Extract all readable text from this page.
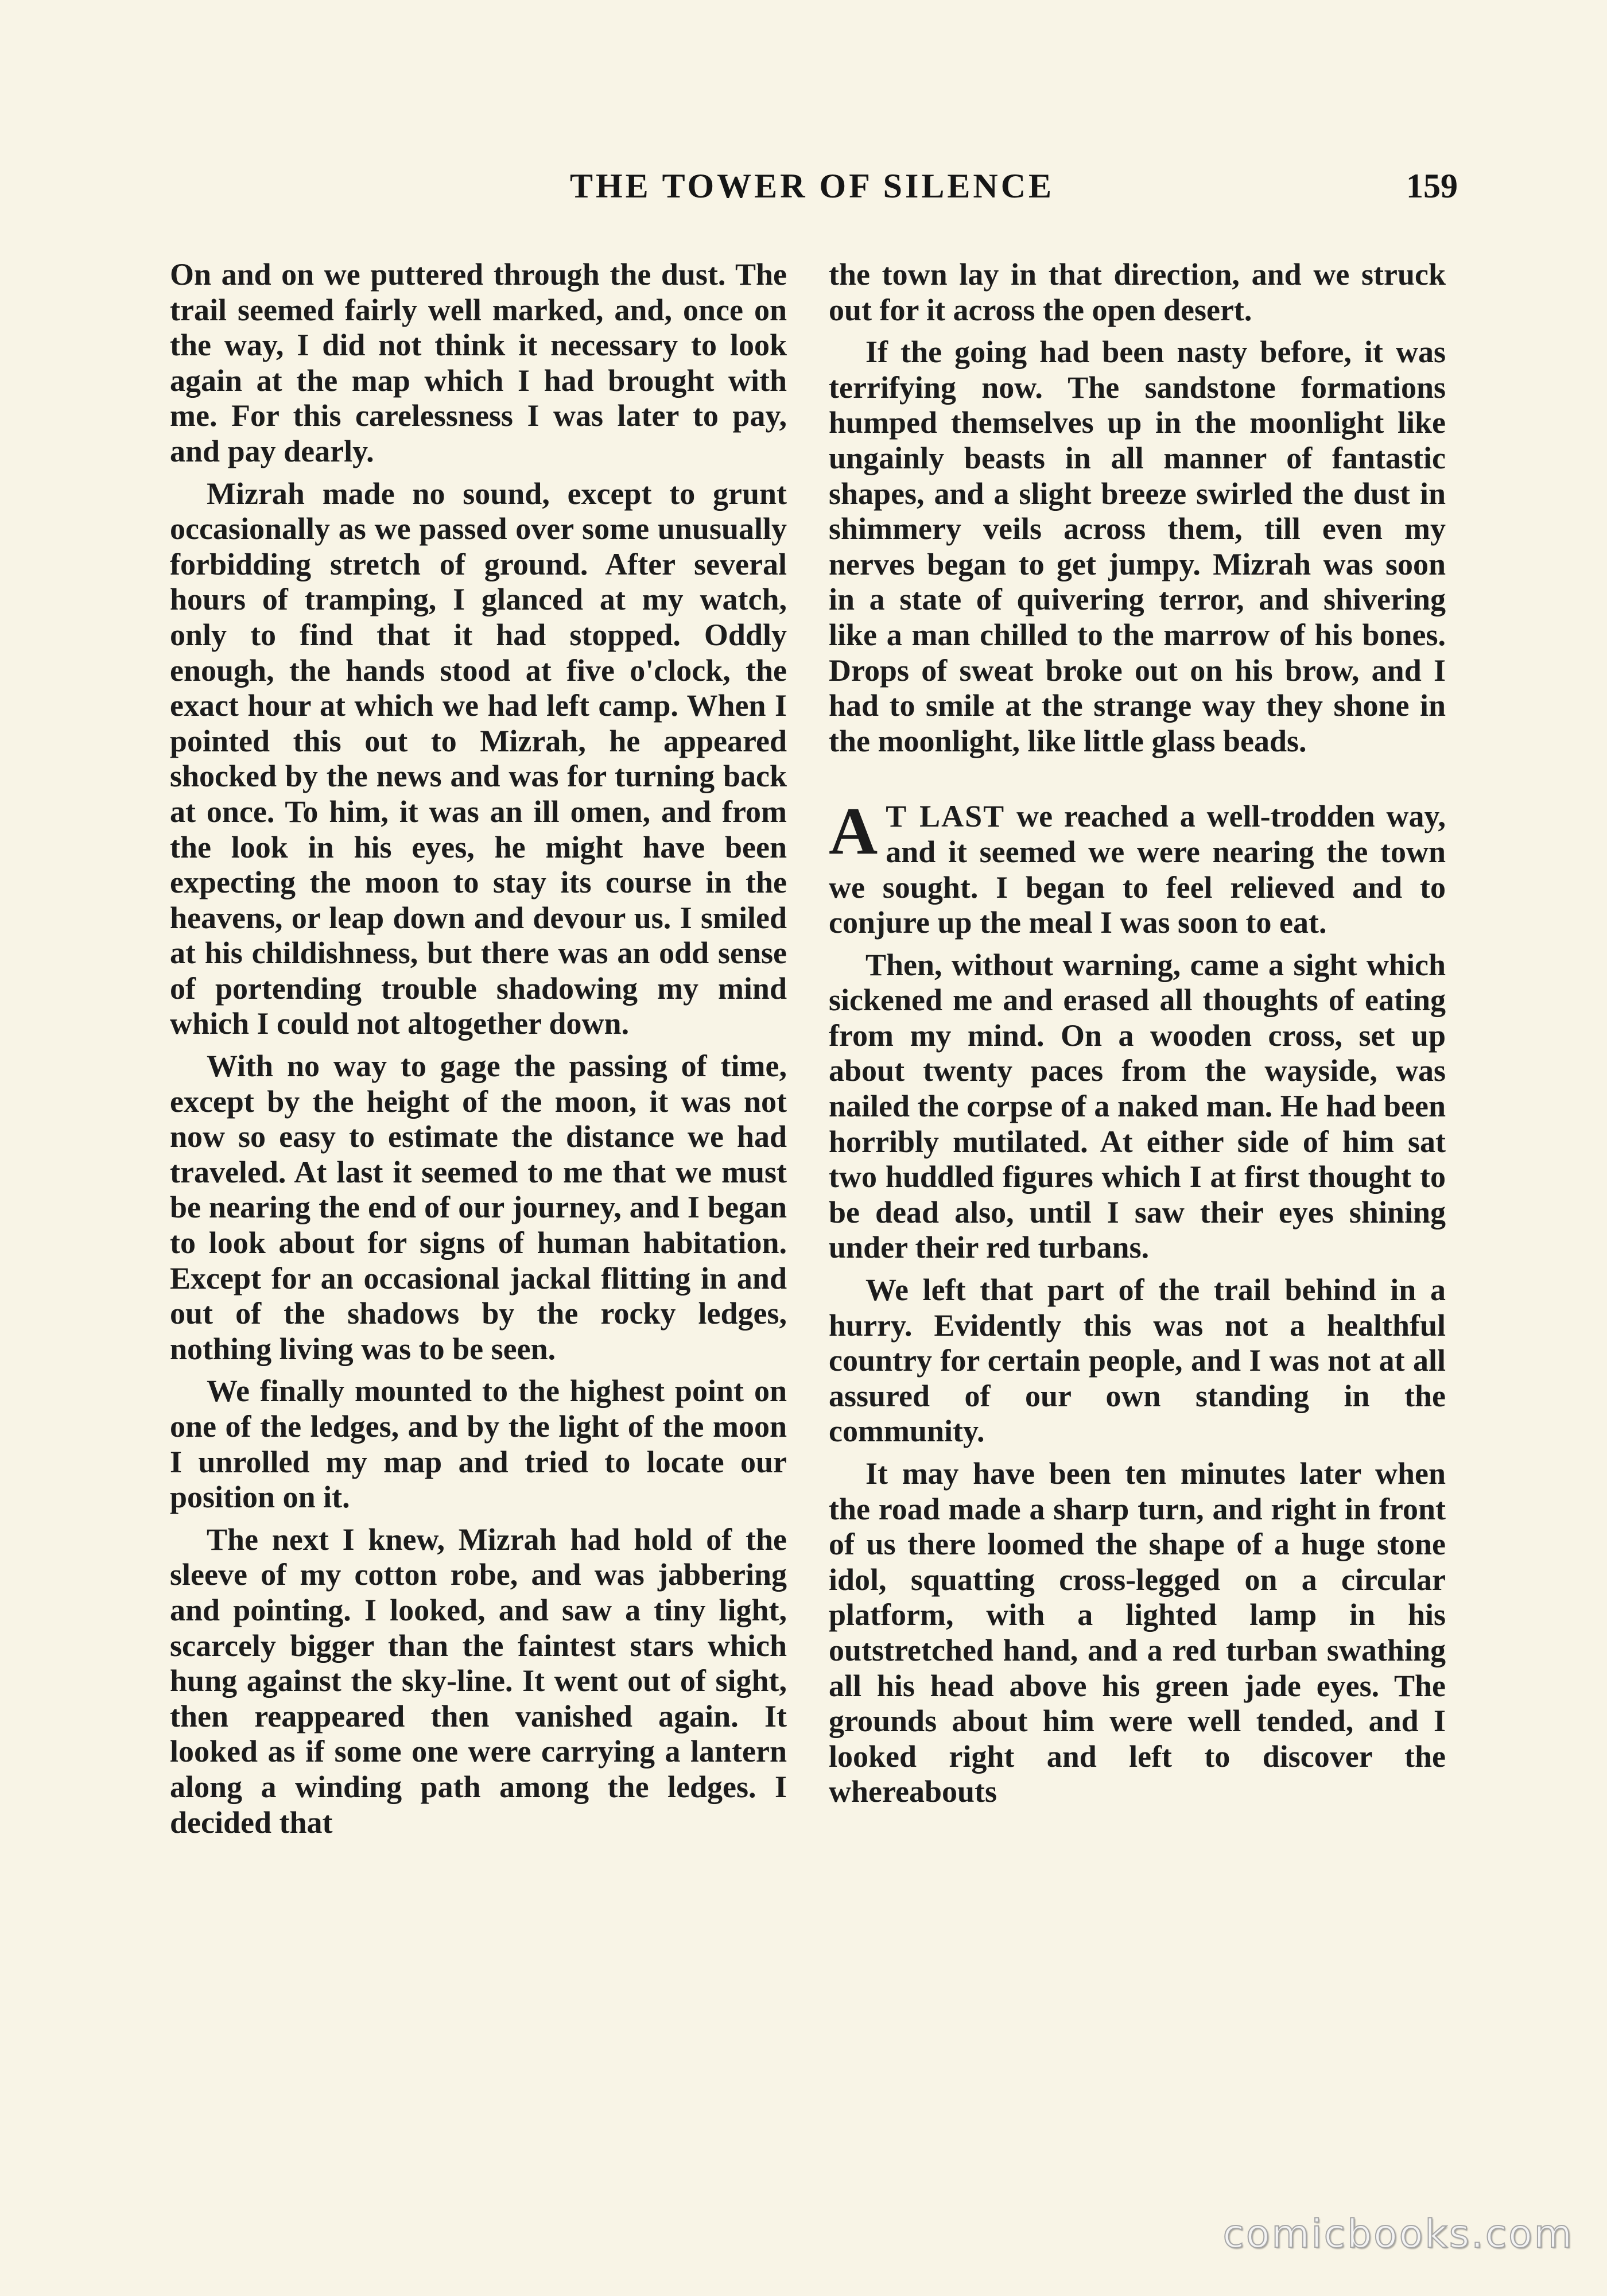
THE TOWER OF SILENCE	159

On and on we puttered through the dust. The trail seemed fairly well marked, and, once on the way, I did not think it necessary to look again at the map which I had brought with me. For this carelessness I was later to pay, and pay dearly.

Mizrah made no sound, except to grunt occasionally as we passed over some unusually forbidding stretch of ground. After several hours of tramping, I glanced at my watch, only to find that it had stopped. Oddly enough, the hands stood at five o'clock, the exact hour at which we had left camp. When I pointed this out to Mizrah, he appeared shocked by the news and was for turning back at once. To him, it was an ill omen, and from the look in his eyes, he might have been expecting the moon to stay its course in the heavens, or leap down and devour us. I smiled at his childishness, but there was an odd sense of portending trouble shadowing my mind which I could not altogether down.

With no way to gage the passing of time, except by the height of the moon, it was not now so easy to estimate the distance we had traveled. At last it seemed to me that we must be nearing the end of our journey, and I began to look about for signs of human habitation. Except for an occasional jackal flitting in and out of the shadows by the rocky ledges, nothing living was to be seen.

We finally mounted to the highest point on one of the ledges, and by the light of the moon I unrolled my map and tried to locate our position on it.

The next I knew, Mizrah had hold of the sleeve of my cotton robe, and was jabbering and pointing. I looked, and saw a tiny light, scarcely bigger than the faintest stars which hung against the sky-line. It went out of sight, then reappeared then vanished again. It looked as if some one were carrying a lantern along a winding path among the ledges. I decided that

the town lay in that direction, and we struck out for it across the open desert.

If the going had been nasty before, it was terrifying now. The sandstone formations humped themselves up in the moonlight like ungainly beasts in all manner of fantastic shapes, and a slight breeze swirled the dust in shimmery veils across them, till even my nerves began to get jumpy. Mizrah was soon in a state of quivering terror, and shivering like a man chilled to the marrow of his bones. Drops of sweat broke out on his brow, and I had to smile at the strange way they shone in the moonlight, like little glass beads.

A T LAST we reached a well-trodden way, and it seemed we were nearing the town we sought. I began to feel relieved and to conjure up the meal I was soon to eat.

Then, without warning, came a sight which sickened me and erased all thoughts of eating from my mind. On a wooden cross, set up about twenty paces from the wayside, was nailed the corpse of a naked man. He had been horribly mutilated. At either side of him sat two huddled figures which I at first thought to be dead also, until I saw their eyes shining under their red turbans.

We left that part of the trail behind in a hurry. Evidently this was not a healthful country for certain people, and I was not at all assured of our own standing in the community.

It may have been ten minutes later when the road made a sharp turn, and right in front of us there loomed the shape of a huge stone idol, squatting cross-legged on a circular platform, with a lighted lamp in his outstretched hand, and a red turban swathing all his head above his green jade eyes. The grounds about him were well tended, and I looked right and left to discover the whereabouts

comicbooks.com
